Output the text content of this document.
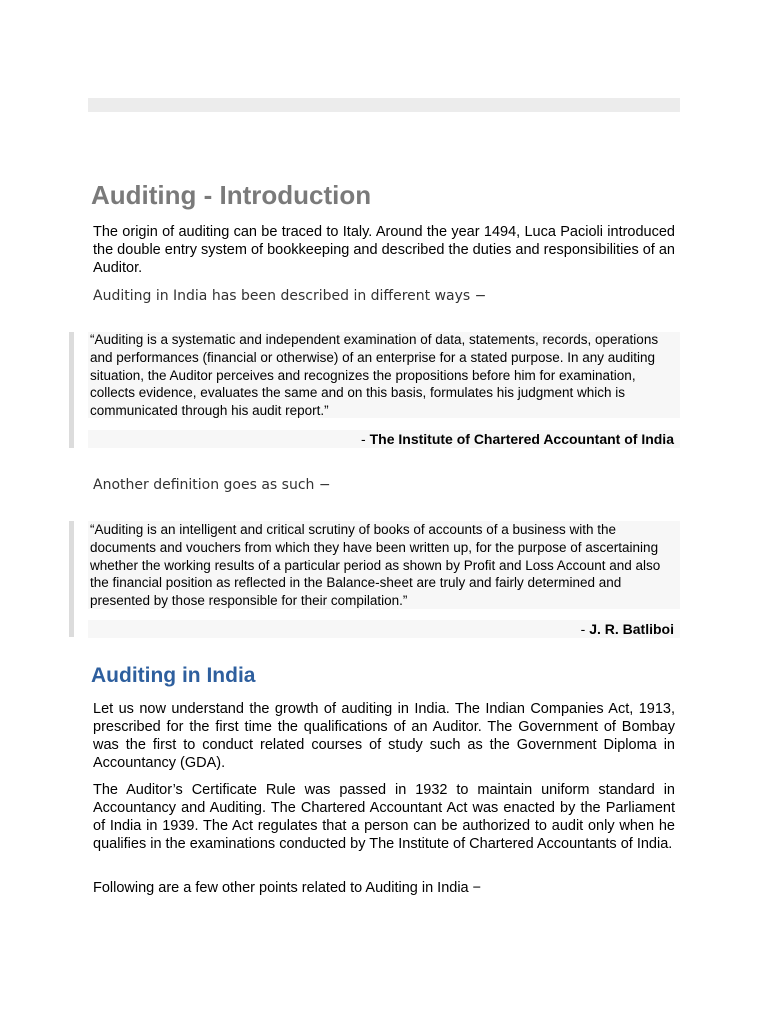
Auditing - Introduction

The origin of auditing can be traced to Italy. Around the year 1494, Luca Pacioli introduced the double entry system of bookkeeping and described the duties and responsibilities of an Auditor.

Auditing in India has been described in different ways −

“Auditing is a systematic and independent examination of data, statements, records, operations and performances (financial or otherwise) of an enterprise for a stated purpose. In any auditing situation, the Auditor perceives and recognizes the propositions before him for examination, collects evidence, evaluates the same and on this basis, formulates his judgment which is communicated through his audit report.”

- The Institute of Chartered Accountant of India

Another definition goes as such −

“Auditing is an intelligent and critical scrutiny of books of accounts of a business with the documents and vouchers from which they have been written up, for the purpose of ascertaining whether the working results of a particular period as shown by Profit and Loss Account and also the financial position as reflected in the Balance-sheet are truly and fairly determined and presented by those responsible for their compilation.”

- J. R. Batliboi

Auditing in India

Let us now understand the growth of auditing in India. The Indian Companies Act, 1913, prescribed for the first time the qualifications of an Auditor. The Government of Bombay was the first to conduct related courses of study such as the Government Diploma in Accountancy (GDA).

The Auditor’s Certificate Rule was passed in 1932 to maintain uniform standard in Accountancy and Auditing. The Chartered Accountant Act was enacted by the Parliament of India in 1939. The Act regulates that a person can be authorized to audit only when he qualifies in the examinations conducted by The Institute of Chartered Accountants of India.

Following are a few other points related to Auditing in India −
